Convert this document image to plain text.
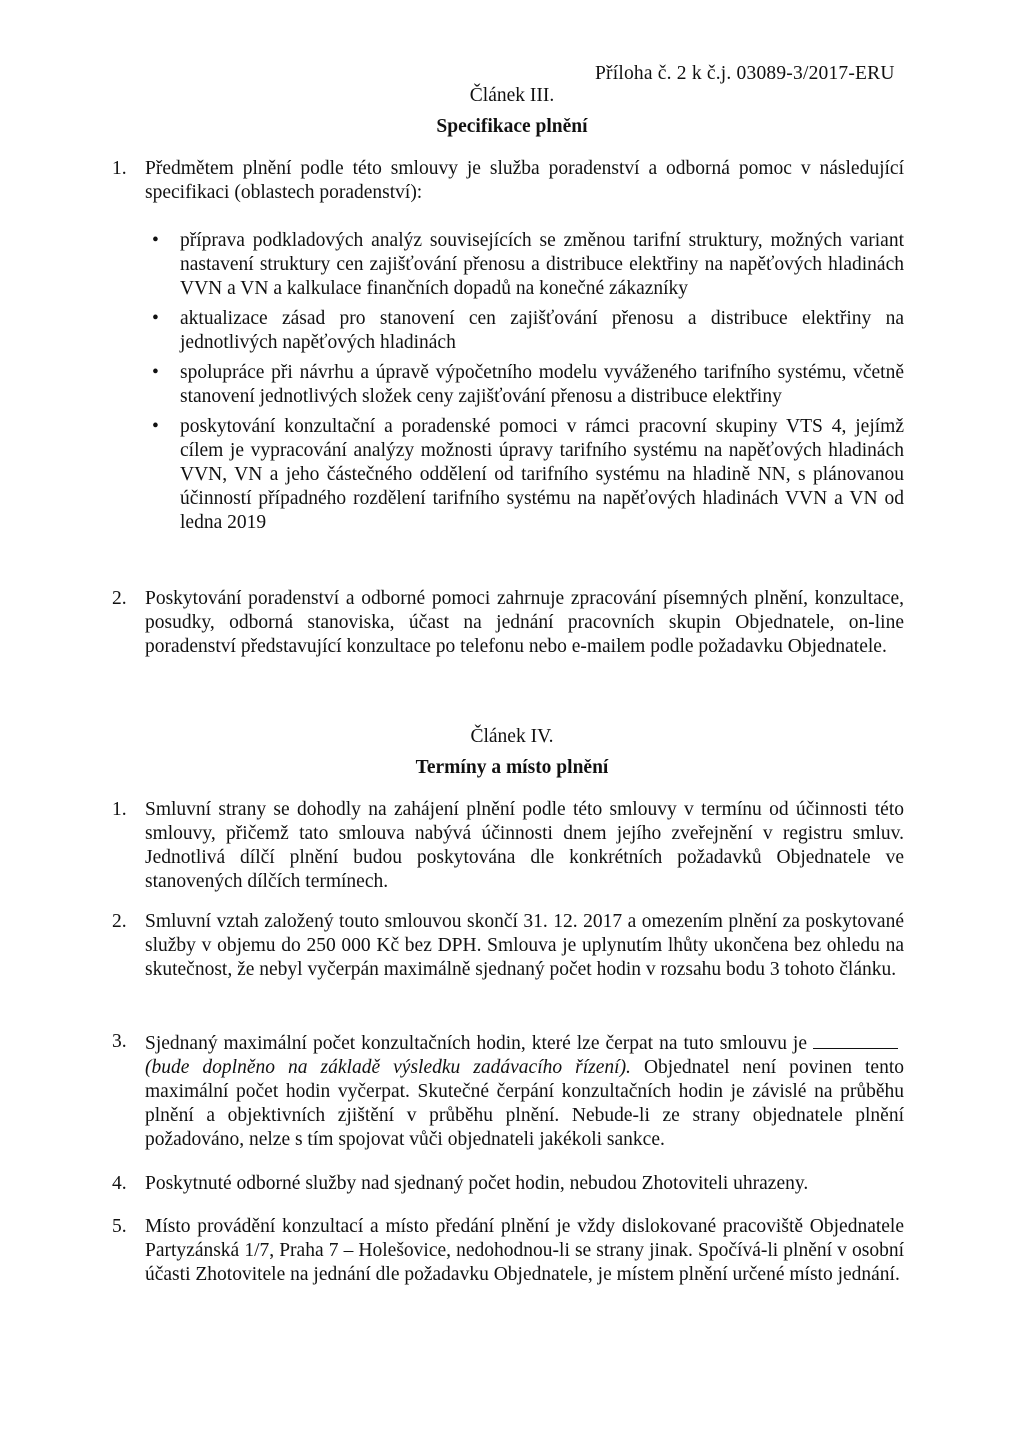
Příloha č. 2 k č.j. 03089-3/2017-ERU
Článek III.
Specifikace plnění
1. Předmětem plnění podle této smlouvy je služba poradenství a odborná pomoc v následující specifikaci (oblastech poradenství):
• příprava podkladových analýz souvisejících se změnou tarifní struktury, možných variant nastavení struktury cen zajišťování přenosu a distribuce elektřiny na napěťových hladinách VVN a VN a kalkulace finančních dopadů na konečné zákazníky
• aktualizace zásad pro stanovení cen zajišťování přenosu a distribuce elektřiny na jednotlivých napěťových hladinách
• spolupráce při návrhu a úpravě výpočetního modelu vyváženého tarifního systému, včetně stanovení jednotlivých složek ceny zajišťování přenosu a distribuce elektřiny
• poskytování konzultační a poradenské pomoci v rámci pracovní skupiny VTS 4, jejímž cílem je vypracování analýzy možnosti úpravy tarifního systému na napěťových hladinách VVN, VN a jeho částečného oddělení od tarifního systému na hladině NN, s plánovanou účinností případného rozdělení tarifního systému na napěťových hladinách VVN a VN od ledna 2019
2. Poskytování poradenství a odborné pomoci zahrnuje zpracování písemných plnění, konzultace, posudky, odborná stanoviska, účast na jednání pracovních skupin Objednatele, on-line poradenství představující konzultace po telefonu nebo e-mailem podle požadavku Objednatele.
Článek IV.
Termíny a místo plnění
1. Smluvní strany se dohodly na zahájení plnění podle této smlouvy v termínu od účinnosti této smlouvy, přičemž tato smlouva nabývá účinnosti dnem jejího zveřejnění v registru smluv. Jednotlivá dílčí plnění budou poskytována dle konkrétních požadavků Objednatele ve stanovených dílčích termínech.
2. Smluvní vztah založený touto smlouvou skončí 31. 12. 2017 a omezením plnění za poskytované služby v objemu do 250 000 Kč bez DPH. Smlouva je uplynutím lhůty ukončena bez ohledu na skutečnost, že nebyl vyčerpán maximálně sjednaný počet hodin v rozsahu bodu 3 tohoto článku.
3. Sjednaný maximální počet konzultačních hodin, které lze čerpat na tuto smlouvu je  (bude doplněno na základě výsledku zadávacího řízení). Objednatel není povinen tento maximální počet hodin vyčerpat. Skutečné čerpání konzultačních hodin je závislé na průběhu plnění a objektivních zjištění v průběhu plnění. Nebude-li ze strany objednatele plnění požadováno, nelze s tím spojovat vůči objednateli jakékoli sankce.
4. Poskytnuté odborné služby nad sjednaný počet hodin, nebudou Zhotoviteli uhrazeny.
5. Místo provádění konzultací a místo předání plnění je vždy dislokované pracoviště Objednatele Partyzánská 1/7, Praha 7 – Holešovice, nedohodnou-li se strany jinak. Spočívá-li plnění v osobní účasti Zhotovitele na jednání dle požadavku Objednatele, je místem plnění určené místo jednání.
